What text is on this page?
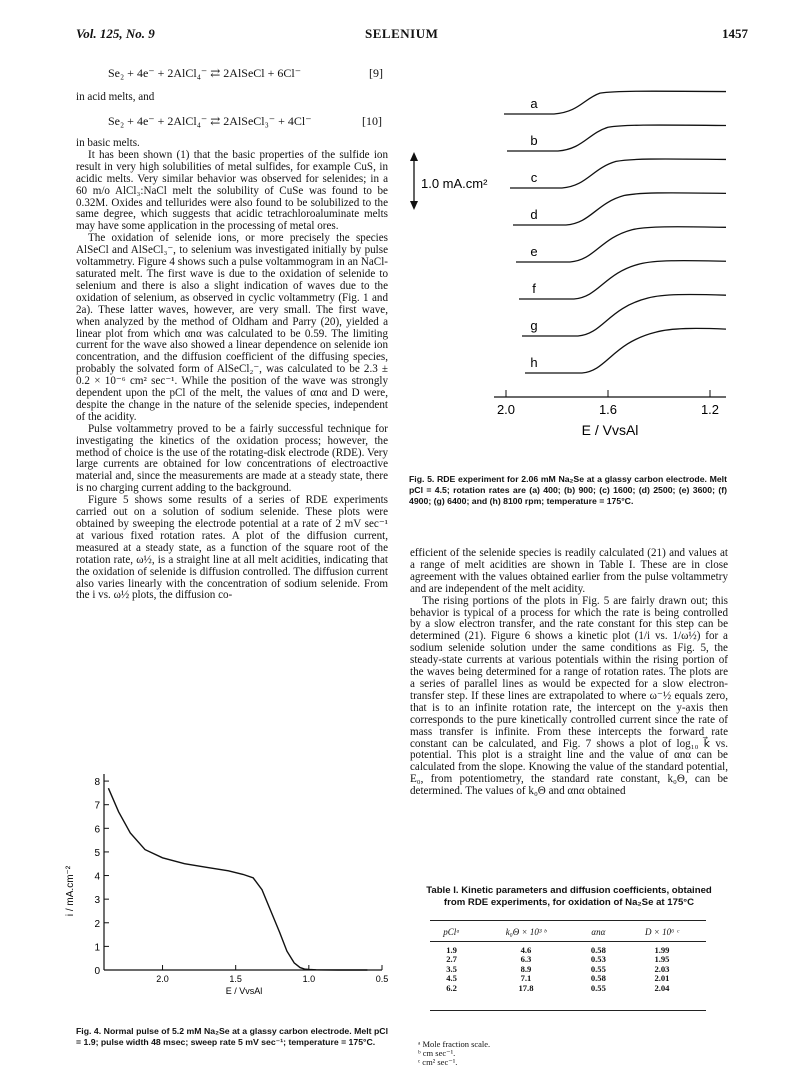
Vol. 125, No. 9	SELENIUM	1457
Se₂ + 4e⁻ + 2AlCl₄⁻ ⇄ 2AlSeCl + 6Cl⁻	[9]
in acid melts, and
Se₂ + 4e⁻ + 2AlCl₄⁻ ⇄ 2AlSeCl₃⁻ + 4Cl⁻	[10]

in basic melts.

It has been shown (1) that the basic properties of the sulfide ion result in very high solubilities of metal sulfides, for example CuS, in acidic melts. Very similar behavior was observed for selenides; in a 60 m/o AlCl₃:NaCl melt the solubility of CuSe was found to be 0.32M. Oxides and tellurides were also found to be solubilized to the same degree, which suggests that acidic tetrachloroaluminate melts may have some application in the processing of metal ores.

The oxidation of selenide ions, or more precisely the species AlSeCl and AlSeCl₃⁻, to selenium was investigated initially by pulse voltammetry. Figure 4 shows such a pulse voltammogram in an NaCl-saturated melt. The first wave is due to the oxidation of selenide to selenium and there is also a slight indication of waves due to the oxidation of selenium, as observed in cyclic voltammetry (Fig. 1 and 2a). These latter waves, however, are very small. The first wave, when analyzed by the method of Oldham and Parry (20), yielded a linear plot from which αnα was calculated to be 0.59. The limiting current for the wave also showed a linear dependence on selenide ion concentration, and the diffusion coefficient of the diffusing species, probably the solvated form of AlSeCl₂⁻, was calculated to be 2.3 ± 0.2 × 10⁻⁶ cm² sec⁻¹. While the position of the wave was strongly dependent upon the pCl of the melt, the values of αnα and D were, despite the change in the nature of the selenide species, independent of the acidity.

Pulse voltammetry proved to be a fairly successful technique for investigating the kinetics of the oxidation process; however, the method of choice is the use of the rotating-disk electrode (RDE). Very large currents are obtained for low concentrations of electroactive material and, since the measurements are made at a steady state, there is no charging current adding to the background.

Figure 5 shows some results of a series of RDE experiments carried out on a solution of sodium selenide. These plots were obtained by sweeping the electrode potential at a rate of 2 mV sec⁻¹ at various fixed rotation rates. A plot of the diffusion current, measured at a steady state, as a function of the square root of the rotation rate, ω½, is a straight line at all melt acidities, indicating that the oxidation of selenide is diffusion controlled. The diffusion current also varies linearly with the concentration of sodium selenide. From the i vs. ω½ plots, the diffusion co-

1.0 mA.cm²
a
b
c
d
e
f
g
h
2.0	1.6	1.2
E / VvsAl
Fig. 5. RDE experiment for 2.06 mM Na₂Se at a glassy carbon electrode. Melt pCl = 4.5; rotation rates are (a) 400; (b) 900; (c) 1600; (d) 2500; (e) 3600; (f) 4900; (g) 6400; and (h) 8100 rpm; temperature = 175°C.

efficient of the selenide species is readily calculated (21) and values at a range of melt acidities are shown in Table I. These are in close agreement with the values obtained earlier from the pulse voltammetry and are independent of the melt acidity.

The rising portions of the plots in Fig. 5 are fairly drawn out; this behavior is typical of a process for which the rate is being controlled by a slow electron transfer, and the rate constant for this step can be determined (21). Figure 6 shows a kinetic plot (1/i vs. 1/ω½) for a sodium selenide solution under the same conditions as Fig. 5, the steady-state currents at various potentials within the rising portion of the waves being determined for a range of rotation rates. The plots are a series of parallel lines as would be expected for a slow electron-transfer step. If these lines are extrapolated to where ω⁻½ equals zero, that is to an infinite rotation rate, the intercept on the y-axis then corresponds to the pure kinetically controlled current since the rate of mass transfer is infinite. From these intercepts the forward rate constant can be calculated, and Fig. 7 shows a plot of log₁₀ k⃗ vs. potential. This plot is a straight line and the value of αnα can be calculated from the slope. Knowing the value of the standard potential, E₀, from potentiometry, the standard rate constant, k₀Θ, can be determined. The values of k₀Θ and αnα obtained

0
1
2
3
4
5
6
7
8
2.0	1.5	1.0	0.5
i / mA.cm⁻²
E / VvsAl
Fig. 4. Normal pulse of 5.2 mM Na₂Se at a glassy carbon electrode. Melt pCl = 1.9; pulse width 48 msec; sweep rate 5 mV sec⁻¹; temperature = 175°C.
Table I. Kinetic parameters and diffusion coefficients, obtained
from RDE experiments, for oxidation of Na₂Se at 175°C
pClᵃ	k₀Θ × 10³ ᵇ	αnα	D × 10⁶ ᶜ

1.9	4.6	0.58	1.99
2.7	6.3	0.53	1.95
3.5	8.9	0.55	2.03
4.5	7.1	0.58	2.01
6.2	17.8	0.55	2.04
ᵃ Mole fraction scale.
ᵇ cm sec⁻¹.
ᶜ cm² sec⁻¹.
